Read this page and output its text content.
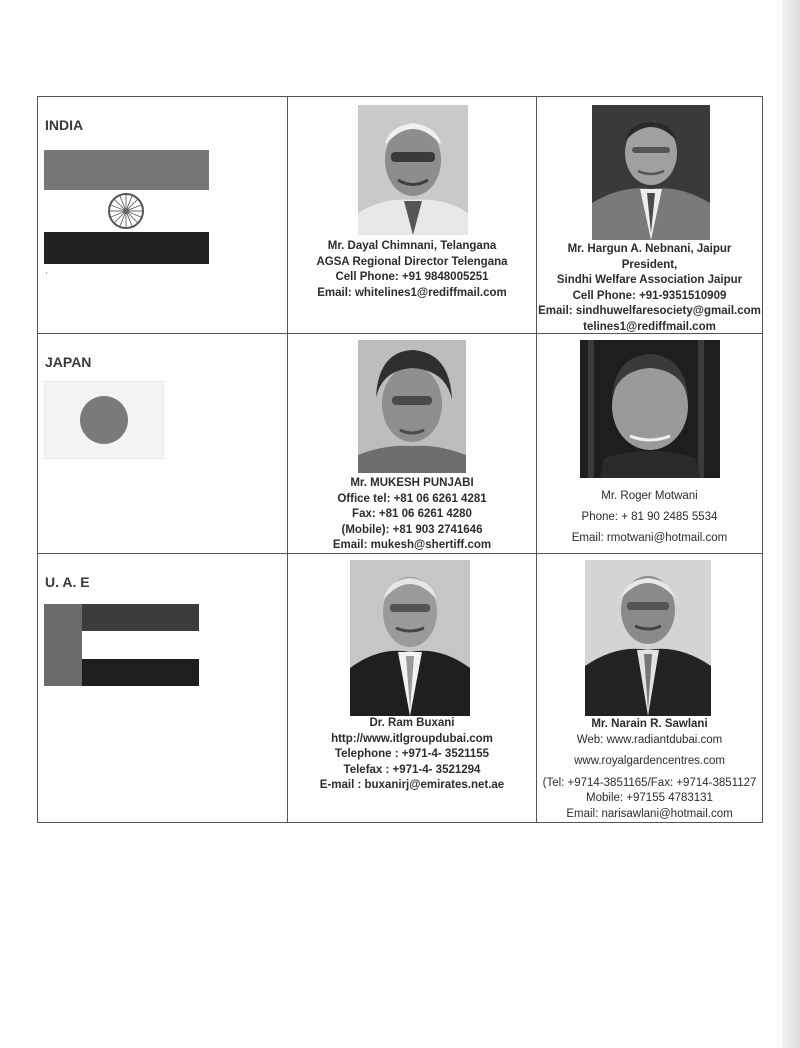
INDIA
'
Mr. Dayal Chimnani, Telangana
AGSA Regional Director Telengana
Cell Phone: +91 9848005251
Email: whitelines1@rediffmail.com
Mr. Hargun A. Nebnani, Jaipur
President,
Sindhi Welfare Association Jaipur
Cell Phone: +91-9351510909
Email: sindhuwelfaresociety@gmail.com
telines1@rediffmail.com
JAPAN
Mr. MUKESH PUNJABI
Office tel: +81 06 6261 4281
Fax: +81 06 6261 4280
(Mobile): +81 903 2741646
Email: mukesh@shertiff.com
Mr. Roger Motwani
Phone: + 81 90 2485 5534
Email: rmotwani@hotmail.com
U. A. E
Dr. Ram Buxani
http://www.itlgroupdubai.com
Telephone : +971-4- 3521155
Telefax : +971-4- 3521294
E-mail : buxanirj@emirates.net.ae
Mr. Narain R. Sawlani
Web: www.radiantdubai.com
www.royalgardencentres.com
(Tel: +9714-3851165/Fax: +9714-3851127
Mobile: +97155 4783131
Email: narisawlani@hotmail.com
